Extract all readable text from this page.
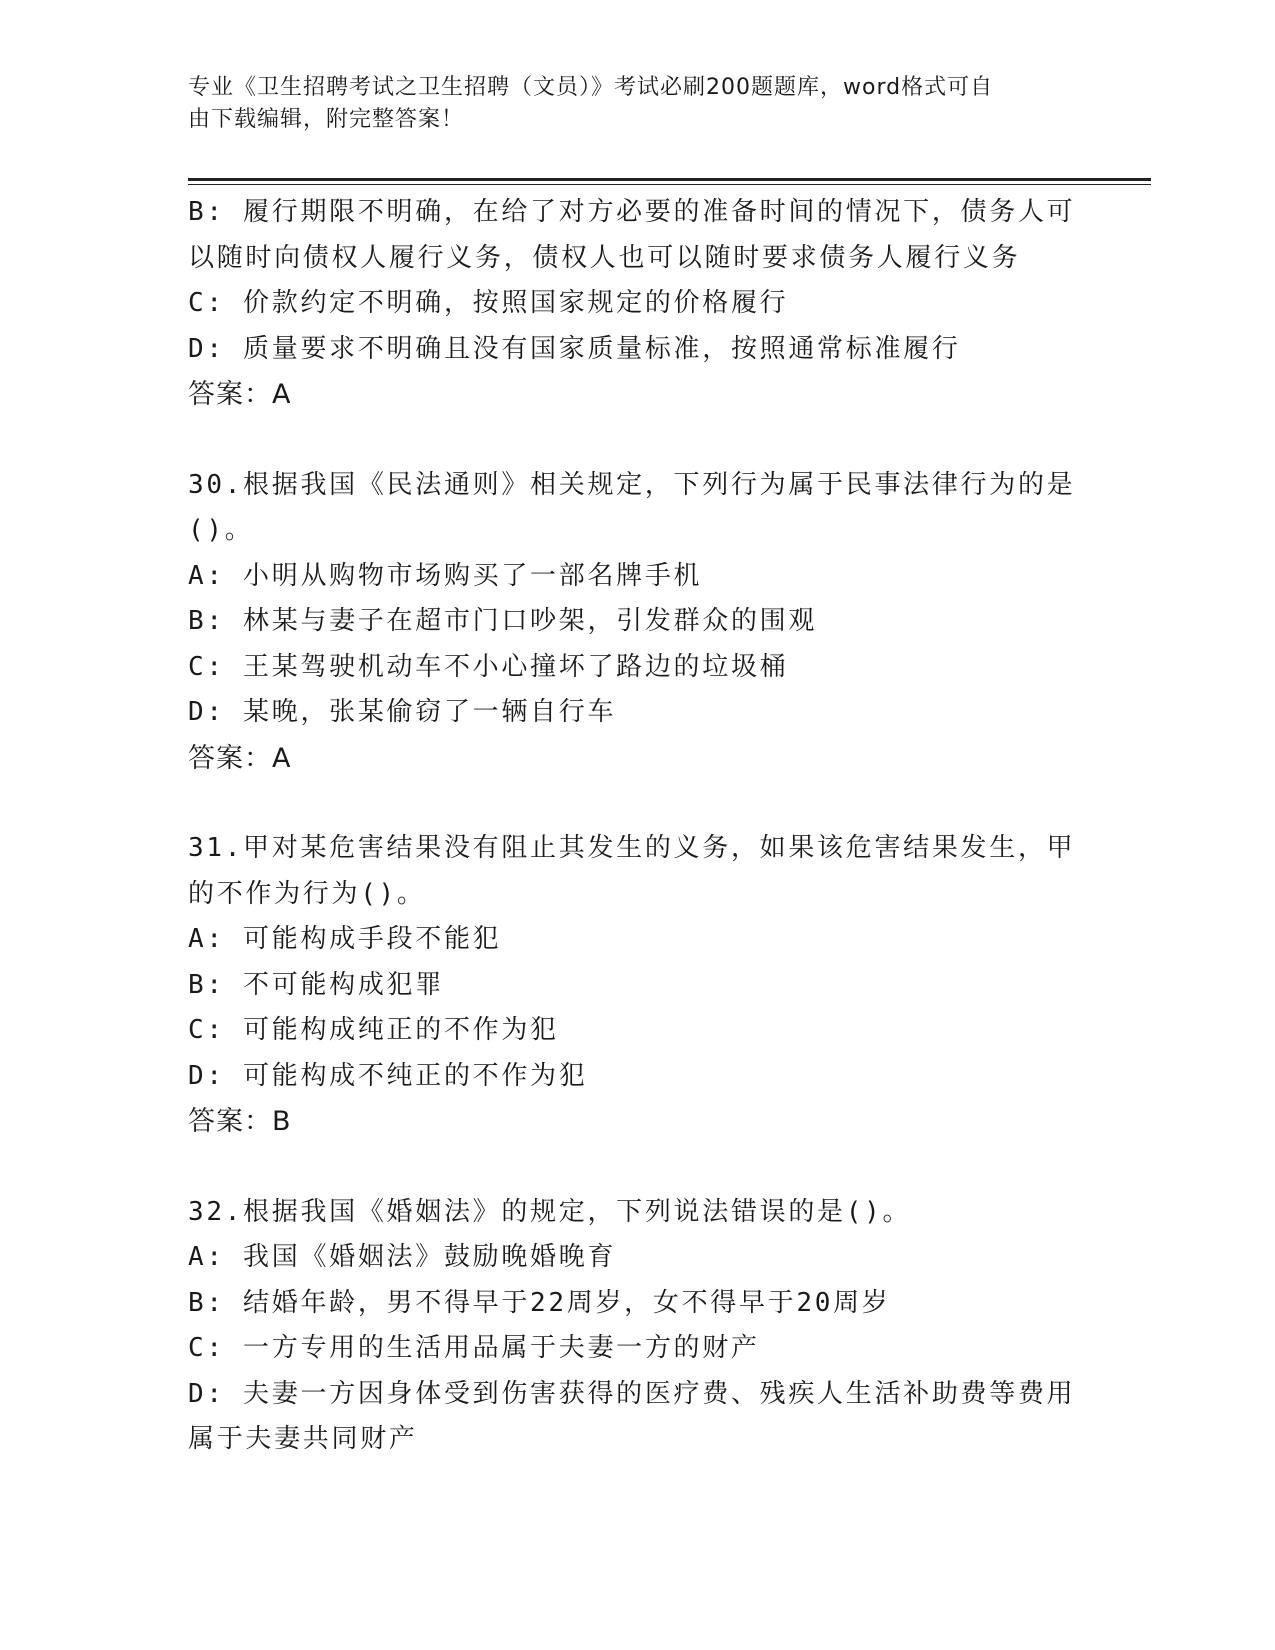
专业《卫生招聘考试之卫生招聘（文员）》考试必刷200题题库，word格式可自
由下载编辑，附完整答案！
B: 履行期限不明确，在给了对方必要的准备时间的情况下，债务人可
以随时向债权人履行义务，债权人也可以随时要求债务人履行义务
C: 价款约定不明确，按照国家规定的价格履行
D: 质量要求不明确且没有国家质量标准，按照通常标准履行
答案：A
30.根据我国《民法通则》相关规定，下列行为属于民事法律行为的是
()。
A: 小明从购物市场购买了一部名牌手机
B: 林某与妻子在超市门口吵架，引发群众的围观
C: 王某驾驶机动车不小心撞坏了路边的垃圾桶
D: 某晚，张某偷窃了一辆自行车
答案：A
31.甲对某危害结果没有阻止其发生的义务，如果该危害结果发生，甲
的不作为行为()。
A: 可能构成手段不能犯
B: 不可能构成犯罪
C: 可能构成纯正的不作为犯
D: 可能构成不纯正的不作为犯
答案：B
32.根据我国《婚姻法》的规定，下列说法错误的是()。
A: 我国《婚姻法》鼓励晚婚晚育
B: 结婚年龄，男不得早于22周岁，女不得早于20周岁
C: 一方专用的生活用品属于夫妻一方的财产
D: 夫妻一方因身体受到伤害获得的医疗费、残疾人生活补助费等费用
属于夫妻共同财产
